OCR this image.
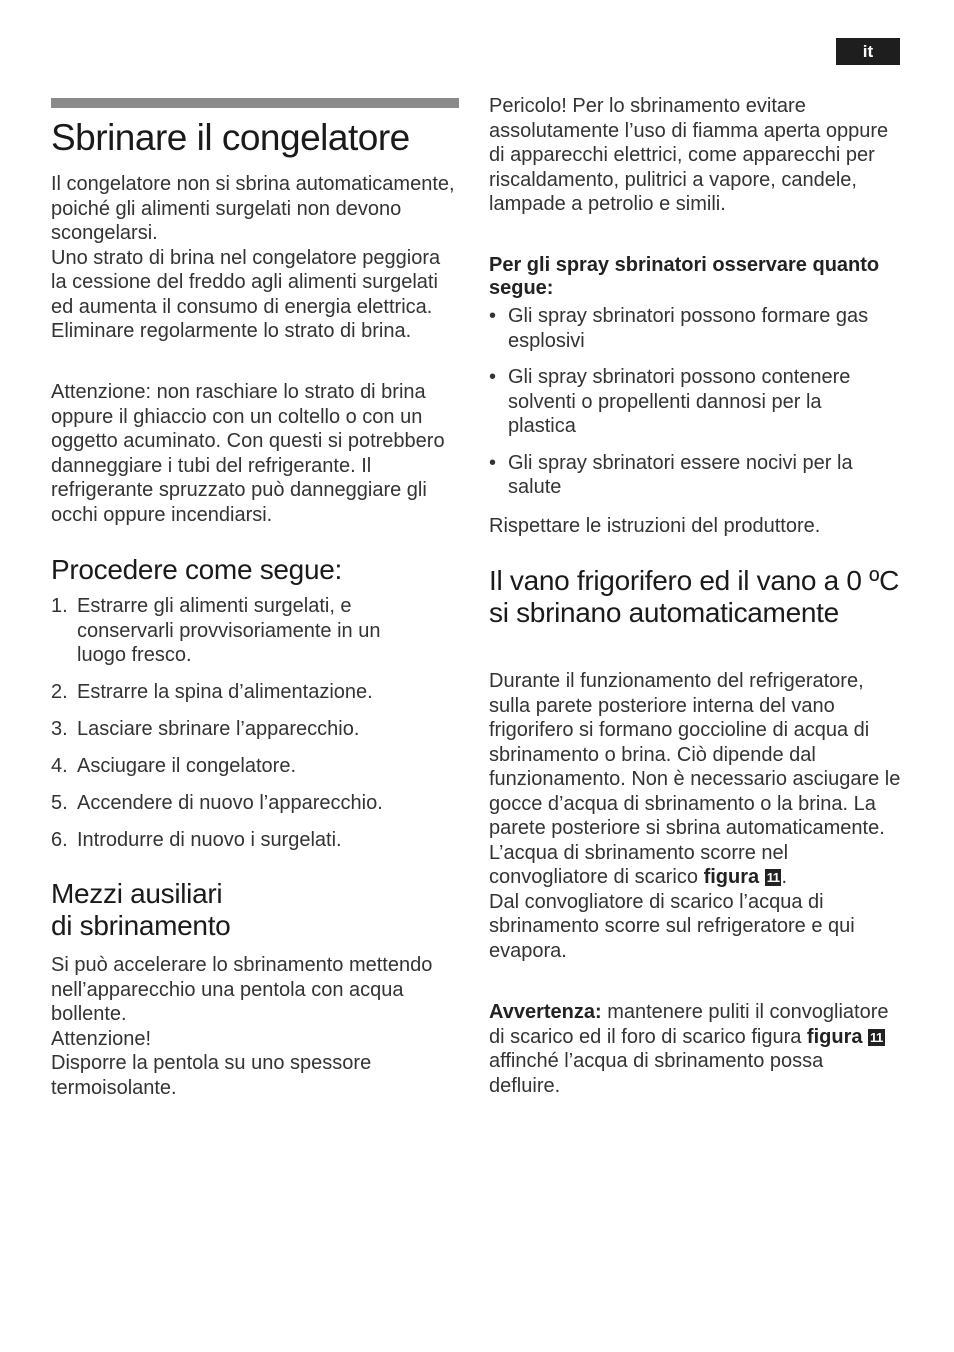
it
Sbrinare il congelatore

Il congelatore non si sbrina automaticamente, poiché gli alimenti surgelati non devono scongelarsi.

Uno strato di brina nel congelatore peggiora la cessione del freddo agli alimenti surgelati ed aumenta il consumo di energia elettrica.

Eliminare regolarmente lo strato di brina.

Attenzione: non raschiare lo strato di brina oppure il ghiaccio con un coltello o con un oggetto acuminato. Con questi si potrebbero danneggiare i tubi del refrigerante. Il refrigerante spruzzato può danneggiare gli occhi oppure incendiarsi.

Procedere come segue:
1. Estrarre gli alimenti surgelati, e conservarli provvisoriamente in un luogo fresco.
2. Estrarre la spina d’alimentazione.
3. Lasciare sbrinare l’apparecchio.
4. Asciugare il congelatore.
5. Accendere di nuovo l’apparecchio.
6. Introdurre di nuovo i surgelati.
Mezzi ausiliari
di sbrinamento

Si può accelerare lo sbrinamento mettendo nell’apparecchio una pentola con acqua bollente.

Attenzione!

Disporre la pentola su uno spessore termoisolante.

Pericolo! Per lo sbrinamento evitare assolutamente l’uso di fiamma aperta oppure di apparecchi elettrici, come apparecchi per riscaldamento, pulitrici a vapore, candele, lampade a petrolio e simili.

Per gli spray sbrinatori osservare quanto segue:

• Gli spray sbrinatori possono formare gas esplosivi
• Gli spray sbrinatori possono contenere solventi o propellenti dannosi per la plastica
• Gli spray sbrinatori essere nocivi per la salute

Rispettare le istruzioni del produttore.

Il vano frigorifero ed il vano a 0 ºC si sbrinano automaticamente

Durante il funzionamento del refrigeratore, sulla parete posteriore interna del vano frigorifero si formano goccioline di acqua di sbrinamento o brina. Ciò dipende dal funzionamento. Non è necessario asciugare le gocce d’acqua di sbrinamento o la brina. La parete posteriore si sbrina automaticamente.

L’acqua di sbrinamento scorre nel convogliatore di scarico figura 11 .

Dal convogliatore di scarico l’acqua di sbrinamento scorre sul refrigeratore e qui evapora.

Avvertenza: mantenere puliti il convogliatore di scarico ed il foro di scarico figura figura 11 affinché l’acqua di sbrinamento possa defluire.
